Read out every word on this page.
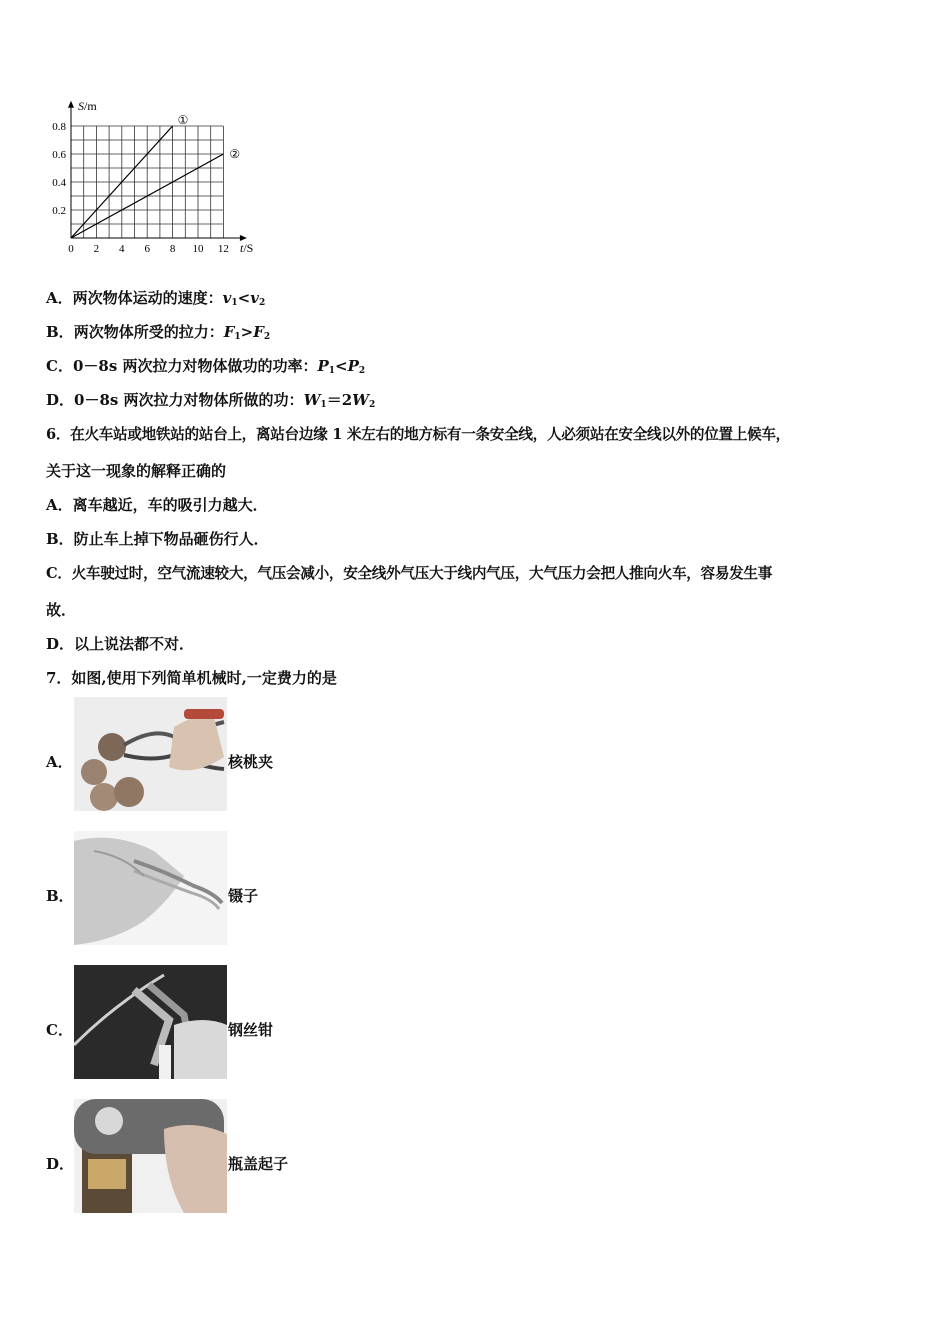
0 2 4 6 8 10 12
0.2
0.4
0.6
0.8	①
②
S/m
t/S
A．两次物体运动的速度：$v_1<v_2$
B．两次物体所受的拉力：$F_1>F_2$
C．0－8s 两次拉力对物体做功的功率：$P_1<P_2$
D．0－8s 两次拉力对物体所做的功：$W_1=2W_2$
6．在火车站或地铁站的站台上，离站台边缘 1 米左右的地方标有一条安全线，人必须站在安全线以外的位置上候车，
关于这一现象的解释正确的
A．离车越近，车的吸引力越大．
B．防止车上掉下物品砸伤行人．
C．火车驶过时，空气流速较大，气压会减小，安全线外气压大于线内气压，大气压力会把人推向火车，容易发生事
故．
D．以上说法都不对．
7．如图,使用下列简单机械时,一定费力的是
A．	核桃夹
B．	镊子
C．	钢丝钳
D．	瓶盖起子
